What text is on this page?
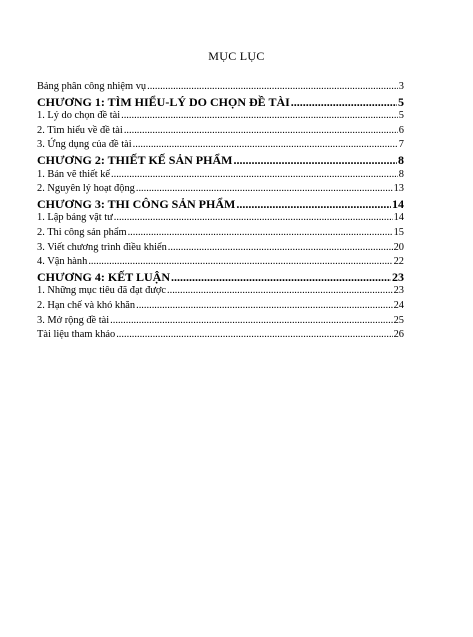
MỤC LỤC
Bảng phân công nhiệm vụ .....	3
CHƯƠNG 1: TÌM HIỂU-LÝ DO CHỌN ĐỀ TÀI .....	5
1. Lý do chọn đề tài .....	5
2. Tìm hiểu về đề tài .....	6
3. Ứng dụng của đề tài .....	7
CHƯƠNG 2: THIẾT KẾ SẢN PHẨM .....	8
1. Bản vẽ thiết kế .....	8
2. Nguyên lý hoạt động .....	13
CHƯƠNG 3: THI CÔNG SẢN PHẨM .....	14
1. Lập bảng vật tư .....	14
2. Thi công sản phẩm .....	15
3. Viết chương trình điều khiển .....	20
4. Vận hành .....	22
CHƯƠNG 4: KẾT LUẬN .....	23
1. Những mục tiêu đã đạt được .....	23
2. Hạn chế và khó khăn .....	24
3. Mở rộng đề tài .....	25
Tài liệu tham khảo .....	26
